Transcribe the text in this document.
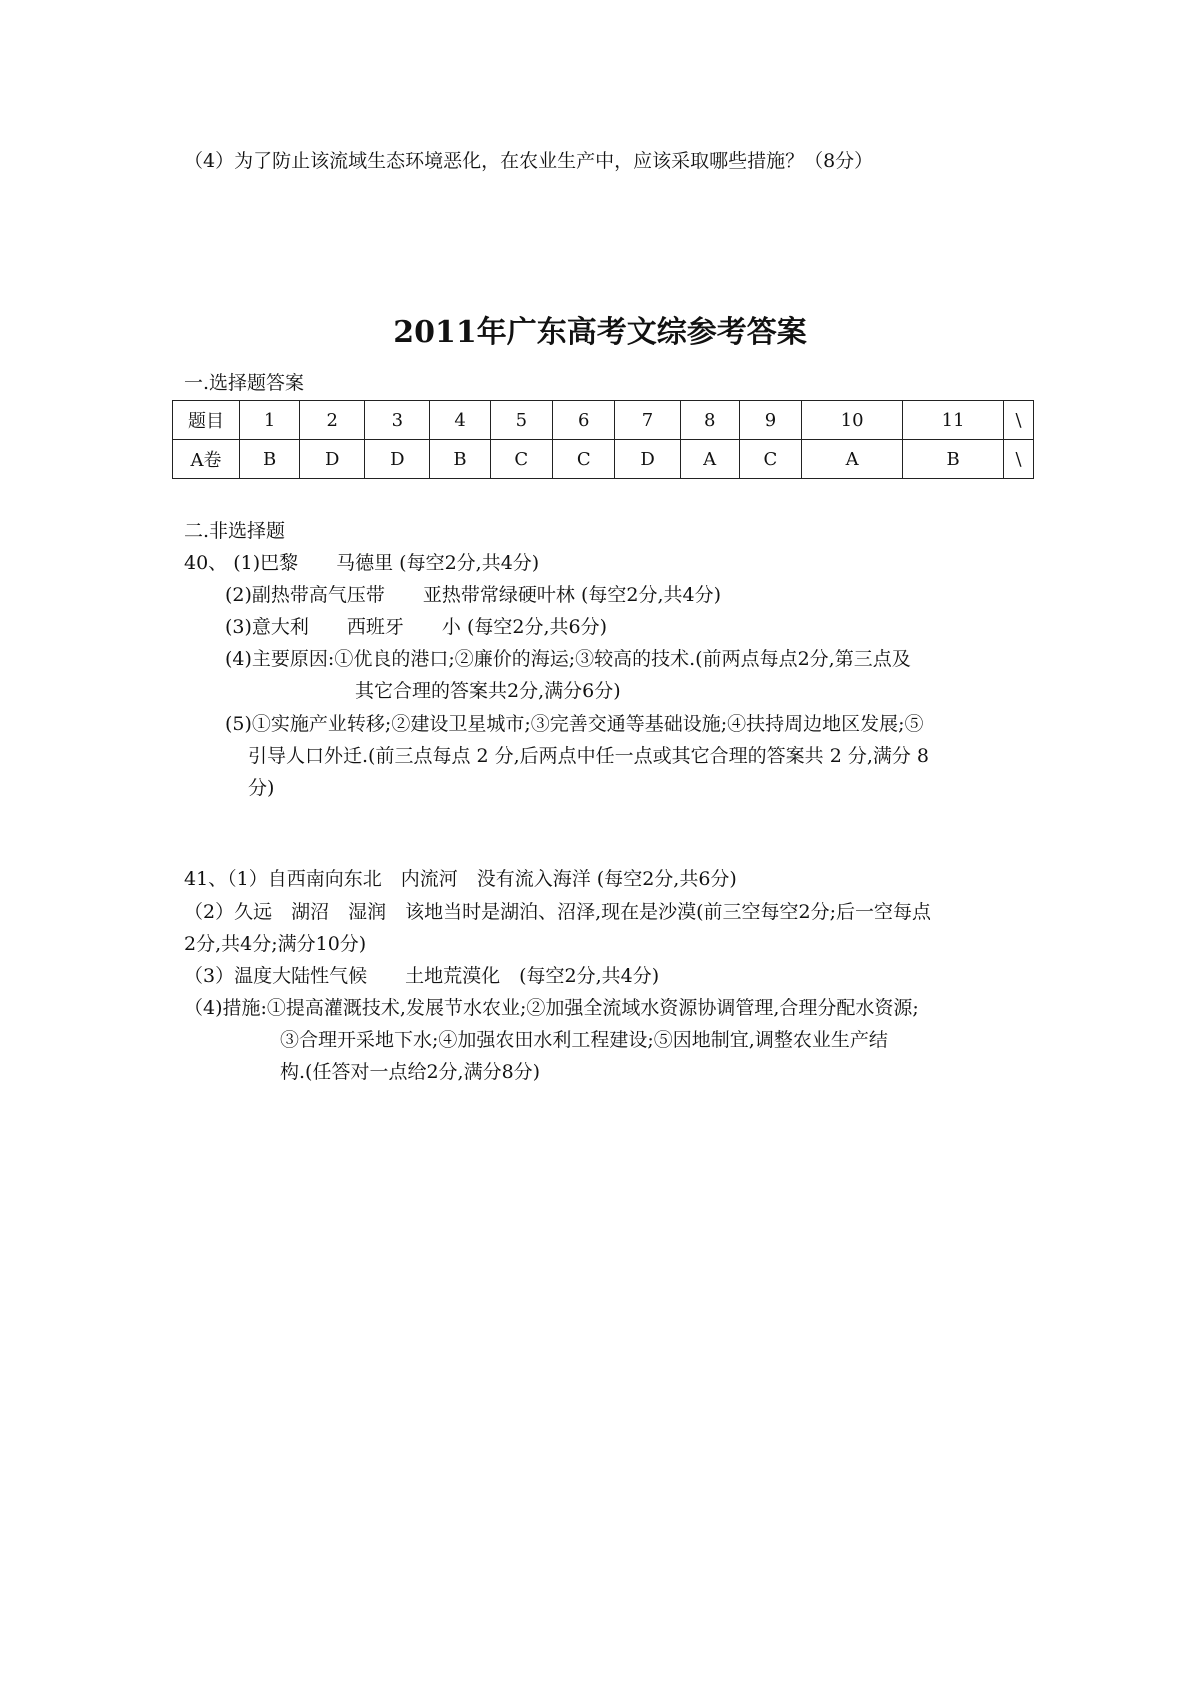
（4）为了防止该流域生态环境恶化，在农业生产中，应该采取哪些措施？（8分）
2011年广东高考文综参考答案
一.选择题答案
题目	1	2	3	4	5	6	7	8	9	10	11	\
A卷	B	D	D	B	C	C	D	A	C	A	B	\
二.非选择题
40、 (1)巴黎　　马德里 (每空2分,共4分)
(2)副热带高气压带　　亚热带常绿硬叶林 (每空2分,共4分)
(3)意大利　　西班牙　　小 (每空2分,共6分)
(4)主要原因:①优良的港口;②廉价的海运;③较高的技术.(前两点每点2分,第三点及
其它合理的答案共2分,满分6分)
(5)①实施产业转移;②建设卫星城市;③完善交通等基础设施;④扶持周边地区发展;⑤
引导人口外迁.(前三点每点 2 分,后两点中任一点或其它合理的答案共 2 分,满分 8
分)
41、（1）自西南向东北　内流河　没有流入海洋 (每空2分,共6分)
（2）久远　湖沼　湿润　该地当时是湖泊、沼泽,现在是沙漠(前三空每空2分;后一空每点
2分,共4分;满分10分)
（3）温度大陆性气候　　土地荒漠化　(每空2分,共4分)
（4)措施:①提高灌溉技术,发展节水农业;②加强全流域水资源协调管理,合理分配水资源;
③合理开采地下水;④加强农田水利工程建设;⑤因地制宜,调整农业生产结
构.(任答对一点给2分,满分8分)
